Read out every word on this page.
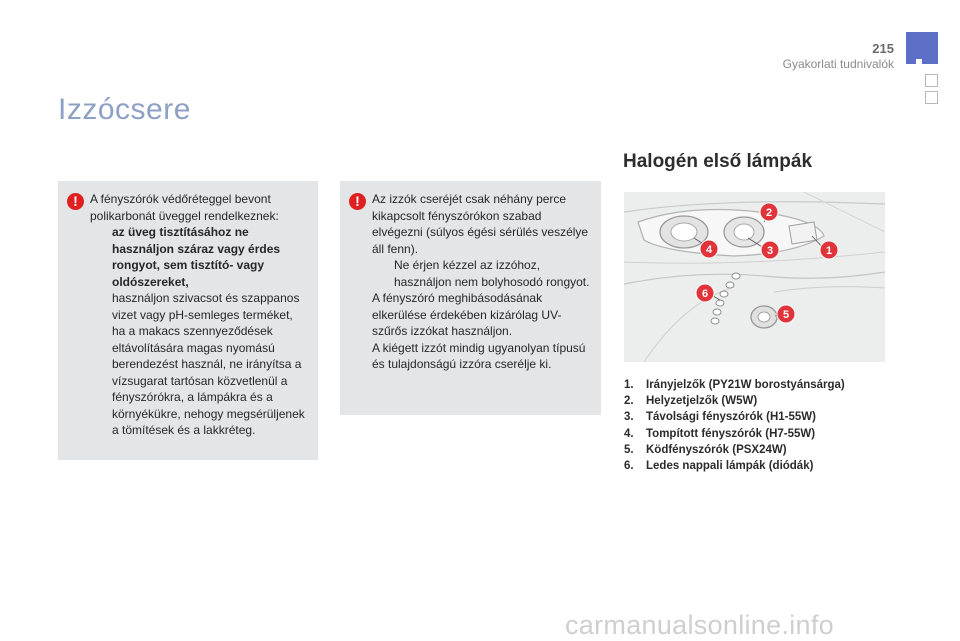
215
Gyakorlati tudnivalók
Izzócsere
!	A fényszórók védőréteggel bevont polikarbonát üveggel rendelkeznek:

az üveg tisztításához ne használjon száraz vagy érdes rongyot, sem tisztító- vagy oldószereket,

használjon szivacsot és szappanos vizet vagy pH-semleges terméket,

ha a makacs szennyeződések eltávolítására magas nyomású berendezést használ, ne irányítsa a vízsugarat tartósan közvetlenül a fényszórókra, a lámpákra és a környékükre, nehogy megsérüljenek a tömítések és a lakkréteg.

!	Az izzók cseréjét csak néhány perce kikapcsolt fényszórókon szabad elvégezni (súlyos égési sérülés veszélye áll fenn).

Ne érjen kézzel az izzóhoz, használjon nem bolyhosodó rongyot.

A fényszóró meghibásodásának elkerülése érdekében kizárólag UV-szűrős izzókat használjon.

A kiégett izzót mindig ugyanolyan típusú és tulajdonságú izzóra cserélje ki.

Halogén első lámpák
2
1
3
4
6
5
1. Irányjelzők (PY21W borostyánsárga)
2. Helyzetjelzők (W5W)
3. Távolsági fényszórók (H1-55W)
4. Tompított fényszórók (H7-55W)
5. Ködfényszórók (PSX24W)
6. Ledes nappali lámpák (diódák)
carmanualsonline.info
